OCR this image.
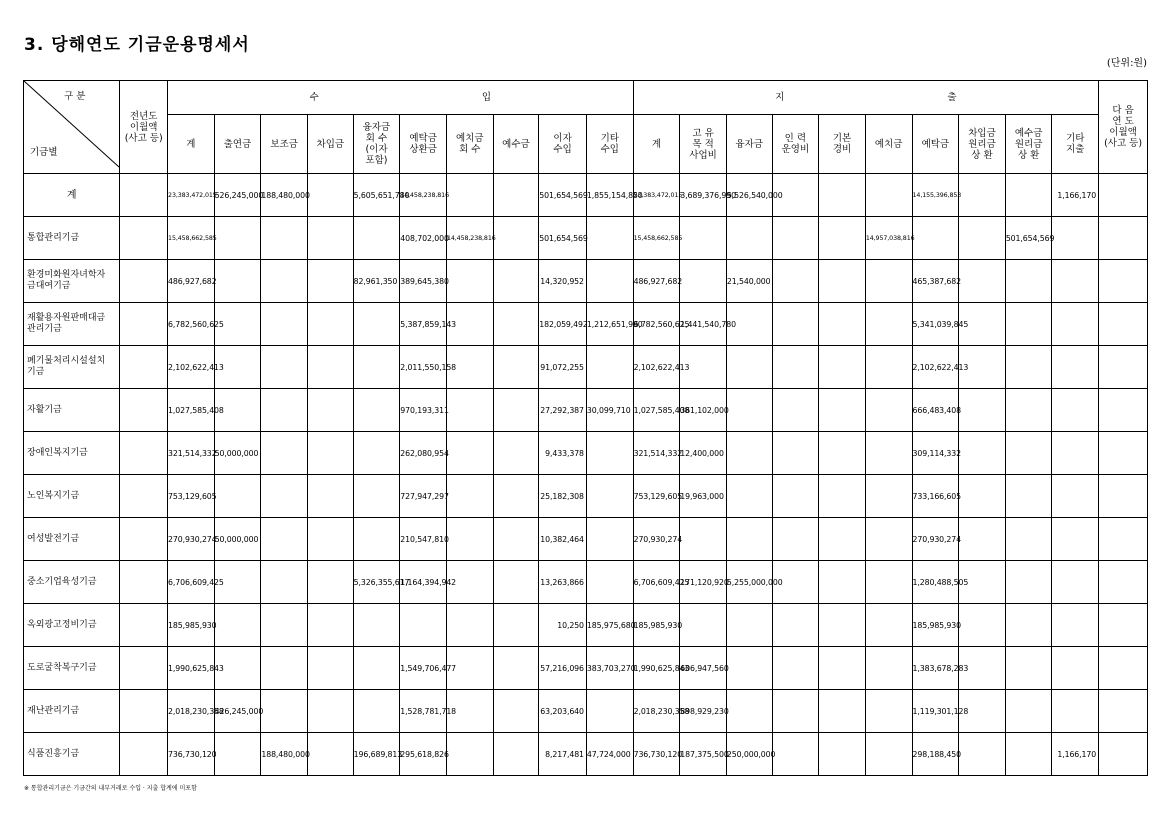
3. 당해연도 기금운용명세서
(단위:원)

구 분

기금별	전년도
이월액
(사고 등)	수 입										지 출										다 음
연 도
이월액
(사고 등)
		계	출연금	보조금	차입금	융자금
회 수
(이자
포함)	예탁금
상환금	예치금
회 수	예수금	이자
수입	기타
수입	계	고 유
목 적
사업비	융자금	인 력
운영비	기본
경비	예치금	예탁금	차입금
원리금
상 환	예수금
원리금
상 환	기타
지출	
계		23,383,472,015	526,245,000	188,480,000		5,605,651,780	14,458,238,816			501,654,569	1,855,154,850	23,383,472,015	3,689,376,990	5,526,540,000				14,155,396,853			1,166,170	
통합관리기금		15,458,662,585					408,702,000	14,458,238,816		501,654,569		15,458,662,585					14,957,038,816			501,654,569		
환경미화원자녀학자
금대여기금		486,927,682				82,961,350	389,645,380			14,320,952		486,927,682		21,540,000				465,387,682				
재활용자원판매대금
관리기금		6,782,560,625					5,387,859,143			182,059,492	1,212,651,990	6,782,560,625	1,441,540,780					5,341,039,845				
폐기물처리시설설치
기금		2,102,622,413					2,011,550,158			91,072,255		2,102,622,413						2,102,622,413				
자활기금		1,027,585,408					970,193,311			27,292,387	30,099,710	1,027,585,408	361,102,000					666,483,408				
장애인복지기금		321,514,332	50,000,000				262,080,954			9,433,378		321,514,332	12,400,000					309,114,332				
노인복지기금		753,129,605					727,947,297			25,182,308		753,129,605	19,963,000					733,166,605				
여성발전기금		270,930,274	50,000,000				210,547,810			10,382,464		270,930,274						270,930,274				
중소기업육성기금		6,706,609,425				5,326,355,617	1,164,394,942			13,263,866		6,706,609,425	171,120,920	5,255,000,000				1,280,488,505				
옥외광고정비기금		185,985,930								10,250	185,975,680	185,985,930						185,985,930				
도로굴착복구기금		1,990,625,843					1,549,706,477			57,216,096	383,703,270	1,990,625,843	606,947,560					1,383,678,283				
재난관리기금		2,018,230,358	426,245,000				1,528,781,718			63,203,640		2,018,230,358	898,929,230					1,119,301,128				
식품진흥기금		736,730,120		188,480,000		196,689,813	295,618,826			8,217,481	47,724,000	736,730,120	187,375,500	250,000,000				298,188,450			1,166,170	
※ 통합관리기금은 기금간의 내부거래로 수입 · 지출 합계에 미포함
